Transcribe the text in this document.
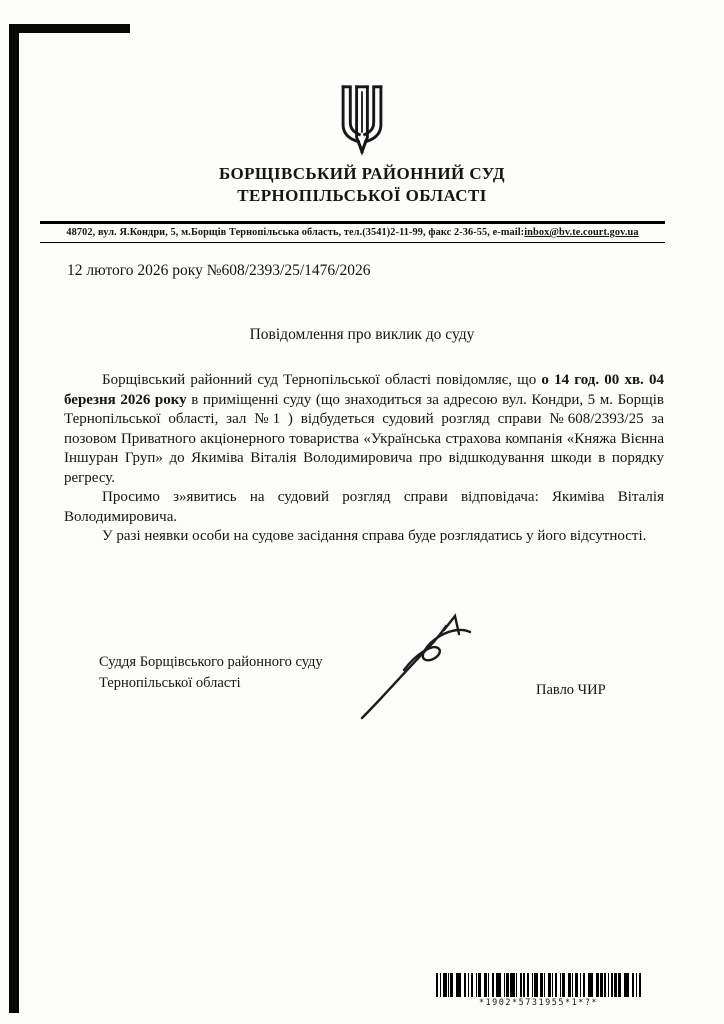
БОРЩІВСЬКИЙ РАЙОННИЙ СУД
ТЕРНОПІЛЬСЬКОЇ ОБЛАСТІ
48702, вул. Я.Кондри, 5, м.Борщів Тернопільська область, тел.(3541)2-11-99, факс 2-36-55, e-mail:inbox@bv.te.court.gov.ua
12 лютого 2026 року №608/2393/25/1476/2026
Повідомлення про виклик до суду

Борщівський районний суд Тернопільської області повідомляє, що о 14 год. 00 хв. 04 березня 2026 року в приміщенні суду (що знаходиться за адресою вул. Кондри, 5 м. Борщів Тернопільської області, зал №1 ) відбудеться судовий розгляд справи №608/2393/25 за позовом Приватного акціонерного товариства «Українська страхова компанія «Княжа Вієнна Іншуран Груп» до Якиміва Віталія Володимировича про відшкодування шкоди в порядку регресу.

Просимо з»явитись на судовий розгляд справи відповідача: Якиміва Віталія Володимировича.

У разі неявки особи на судове засідання справа буде розглядатись у його відсутності.

Суддя Борщівського районного суду
Тернопільської області	Павло ЧИР
*1902*5731955*1*?*
